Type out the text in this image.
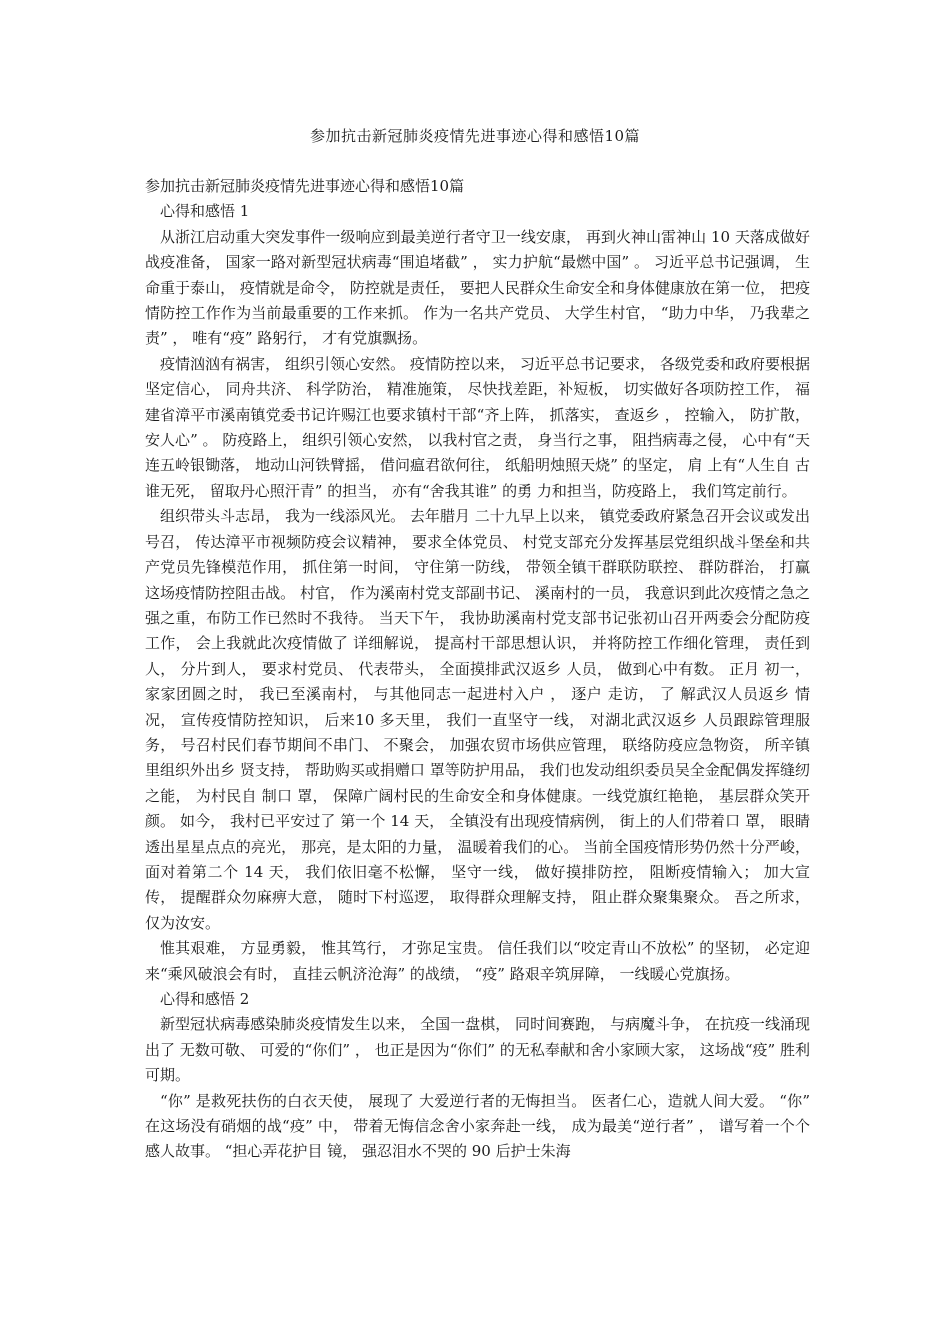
参加抗击新冠肺炎疫情先进事迹心得和感悟10篇

参加抗击新冠肺炎疫情先进事迹心得和感悟10篇

心得和感悟 1

从浙江启动重大突发事件一级响应到最美逆行者守卫一线安康， 再到火神山雷神山 10 天落成做好战疫准备， 国家一路对新型冠状病毒“围追堵截” ， 实力护航“最燃中国” 。 习近平总书记强调， 生命重于泰山， 疫情就是命令， 防控就是责任， 要把人民群众生命安全和身体健康放在第一位， 把疫情防控工作作为当前最重要的工作来抓。 作为一名共产党员、 大学生村官， “助力中华， 乃我辈之责” ， 唯有“疫” 路躬行， 才有党旗飘扬。

疫情汹汹有祸害， 组织引领心安然。 疫情防控以来， 习近平总书记要求， 各级党委和政府要根据坚定信心， 同舟共济、 科学防治， 精准施策， 尽快找差距，补短板， 切实做好各项防控工作， 福建省漳平市溪南镇党委书记许赐江也要求镇村干部“齐上阵， 抓落实， 查返乡 ， 控输入， 防扩散， 安人心” 。 防疫路上， 组织引领心安然， 以我村官之责， 身当行之事， 阻挡病毒之侵， 心中有“天连五岭银锄落， 地动山河铁臂摇， 借问瘟君欲何往， 纸船明烛照天烧” 的坚定， 肩 上有“人生自 古谁无死， 留取丹心照汗青” 的担当， 亦有“舍我其谁” 的勇 力和担当，防疫路上， 我们笃定前行。

组织带头斗志昂， 我为一线添风光。 去年腊月 二十九早上以来， 镇党委政府紧急召开会议或发出号召， 传达漳平市视频防疫会议精神， 要求全体党员、 村党支部充分发挥基层党组织战斗堡垒和共产党员先锋模范作用， 抓住第一时间， 守住第一防线， 带领全镇干群联防联控、 群防群治， 打赢这场疫情防控阻击战。 村官， 作为溪南村党支部副书记、 溪南村的一员， 我意识到此次疫情之急之强之重，布防工作已然时不我待。 当天下午， 我协助溪南村党支部书记张初山召开两委会分配防疫工作， 会上我就此次疫情做了 详细解说， 提高村干部思想认识， 并将防控工作细化管理， 责任到人， 分片到人， 要求村党员、 代表带头， 全面摸排武汉返乡 人员， 做到心中有数。 正月 初一， 家家团圆之时， 我已至溪南村， 与其他同志一起进村入户 ， 逐户 走访， 了 解武汉人员返乡 情况， 宣传疫情防控知识， 后来10 多天里， 我们一直坚守一线， 对湖北武汉返乡 人员跟踪管理服务， 号召村民们春节期间不串门、 不聚会， 加强农贸市场供应管理， 联络防疫应急物资， 所辛镇里组织外出乡 贤支持， 帮助购买或捐赠口 罩等防护用品， 我们也发动组织委员吴全金配偶发挥缝纫之能， 为村民自 制口 罩， 保障广阔村民的生命安全和身体健康。一线党旗红艳艳， 基层群众笑开颜。 如今， 我村已平安过了 第一个 14 天， 全镇没有出现疫情病例， 街上的人们带着口 罩， 眼睛透出星星点点的亮光， 那亮，是太阳的力量， 温暖着我们的心。 当前全国疫情形势仍然十分严峻， 面对着第二个 14 天， 我们依旧毫不松懈， 坚守一线， 做好摸排防控， 阻断疫情输入； 加大宣传， 提醒群众勿麻痹大意， 随时下村巡逻， 取得群众理解支持， 阻止群众聚集聚众。 吾之所求， 仅为汝安。

惟其艰难， 方显勇毅， 惟其笃行， 才弥足宝贵。 信任我们以“咬定青山不放松” 的坚韧， 必定迎来“乘风破浪会有时， 直挂云帆济沧海” 的战绩， “疫” 路艰辛筑屏障， 一线暖心党旗扬。

心得和感悟 2

新型冠状病毒感染肺炎疫情发生以来， 全国一盘棋， 同时间赛跑， 与病魔斗争， 在抗疫一线涌现出了 无数可敬、 可爱的“你们” ， 也正是因为“你们” 的无私奉献和舍小家顾大家， 这场战“疫” 胜利可期。

“你” 是救死扶伤的白衣天使， 展现了 大爱逆行者的无悔担当。 医者仁心，造就人间大爱。 “你” 在这场没有硝烟的战“疫” 中， 带着无悔信念舍小家奔赴一线， 成为最美“逆行者” ， 谱写着一个个感人故事。 “担心弄花护目 镜， 强忍泪水不哭的 90 后护士朱海
